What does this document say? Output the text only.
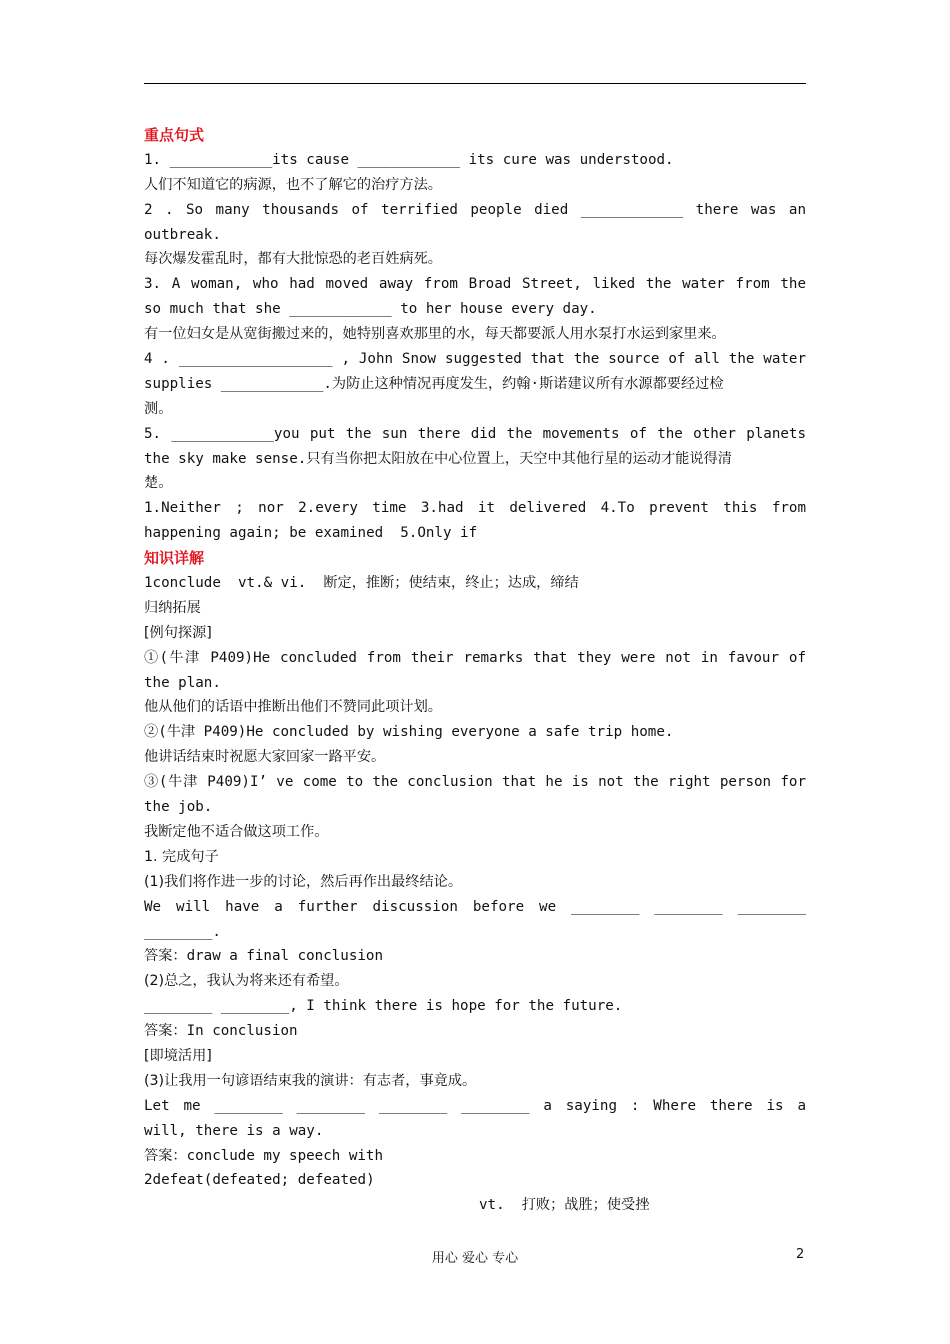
重点句式
1. ____________its cause ____________ its cure was understood.
人们不知道它的病源，也不了解它的治疗方法。
2 . So many thousands of terrified people died ____________ there was an
outbreak.
每次爆发霍乱时，都有大批惊恐的老百姓病死。
3. A woman, who had moved away from Broad Street, liked the water from the
so much that she ____________ to her house every day.
有一位妇女是从宽街搬过来的，她特别喜欢那里的水，每天都要派人用水泵打水运到家里来。
4 . __________________ , John Snow suggested that the source of all the water
supplies ____________.为防止这种情况再度发生，约翰·斯诺建议所有水源都要经过检
测。
5. ____________you put the sun there did the movements of the other planets
the sky make sense.只有当你把太阳放在中心位置上，天空中其他行星的运动才能说得清
楚。
1.Neither ; nor 2.every time 3.had it delivered 4.To prevent this from
happening again; be examined  5.Only if
知识详解
1conclude  vt.& vi.  断定，推断；使结束，终止；达成，缔结
归纳拓展
[例句探源]
①(牛津 P409)He concluded from their remarks that they were not in favour of
the plan.
他从他们的话语中推断出他们不赞同此项计划。
②(牛津 P409)He concluded by wishing everyone a safe trip home.
他讲话结束时祝愿大家回家一路平安。
③(牛津 P409)I’ ve come to the conclusion that he is not the right person for
the job.
我断定他不适合做这项工作。
1. 完成句子
(1)我们将作进一步的讨论，然后再作出最终结论。
We will have a further discussion before we ________ ________ ________
________.
答案：draw a final conclusion
(2)总之，我认为将来还有希望。
________ ________, I think there is hope for the future.
答案：In conclusion
[即境活用]
(3)让我用一句谚语结束我的演讲：有志者，事竟成。
Let me ________ ________ ________ ________ a saying : Where there is a
will, there is a way.
答案：conclude my speech with
2defeat(defeated; defeated)
vt.  打败；战胜；使受挫
用心 爱心 专心	2
